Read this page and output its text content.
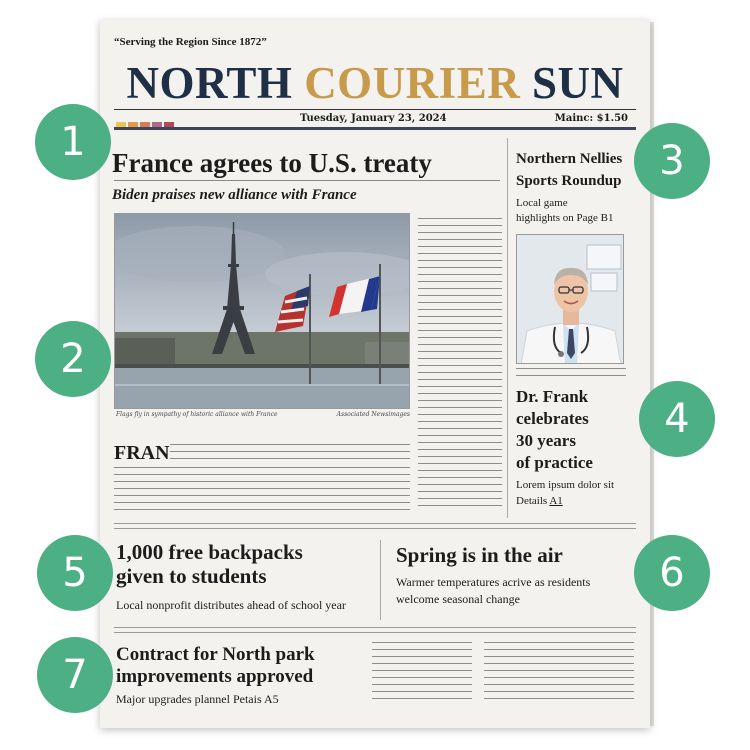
“Serving the Region Since 1872”
NORTH COURIER SUN
Tuesday, January 23, 2024	Mainc: $1.50
France agrees to U.S. treaty
Biden praises new alliance with France
Flags fly in sympathy of historic alliance with France	Associated Newsimages
FRAN
Northern Nellies
Sports Roundup
Local game
highlights on Page B1
Dr. Frank
celebrates
30 years
of practice
Lorem ipsum dolor sit
Details A1
1,000 free backpacks
given to students
Local nonprofit distributes ahead of school year
Spring is in the air
Warmer temperatures acrive as residents
welcome seasonal change
Contract for North park
improvements approved
Major upgrades plannel Petais A5
1
2
3
4
5	6
7
